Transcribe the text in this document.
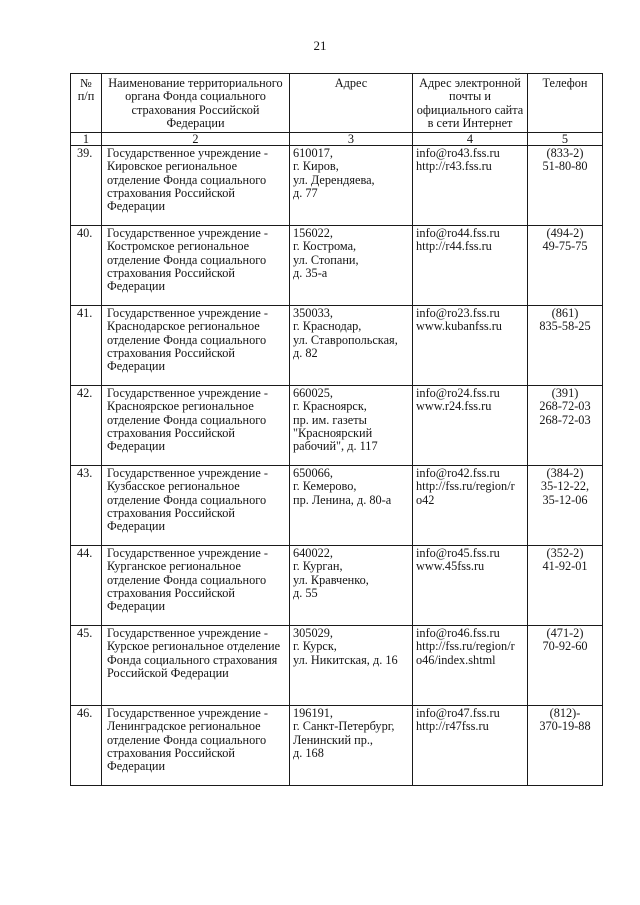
21
№ п/п	Наименование территориального органа Фонда социального страхования Российской Федерации	Адрес	Адрес электронной почты и официального сайта в сети Интернет	Телефон
1	2	3	4	5
39.	Государственное учреждение - Кировское региональное отделение Фонда социального страхования Российской Федерации	610017,
г. Киров,
ул. Дерендяева,
д. 77	info@ro43.fss.ru
http://r43.fss.ru	(833-2)
51-80-80

40.	Государственное учреждение - Костромское региональное отделение Фонда социального страхования Российской Федерации	156022,
г. Кострома,
ул. Стопани,
д. 35-а	info@ro44.fss.ru
http://r44.fss.ru	(494-2)
49-75-75

41.	Государственное учреждение - Краснодарское региональное отделение Фонда социального страхования Российской Федерации	350033,
г. Краснодар,
ул. Ставропольская,
д. 82	info@ro23.fss.ru
www.kubanfss.ru	(861)
835-58-25

42.	Государственное учреждение - Красноярское региональное отделение Фонда социального страхования Российской Федерации	660025,
г. Красноярск,
пр. им. газеты
"Красноярский
рабочий", д. 117	info@ro24.fss.ru
www.r24.fss.ru	(391)
268-72-03
268-72-03

43.	Государственное учреждение - Кузбасское региональное отделение Фонда социального страхования Российской Федерации	650066,
г. Кемерово,
пр. Ленина, д. 80-а	info@ro42.fss.ru
http://fss.ru/region/r
o42	(384-2)
35-12-22,
35-12-06

44.	Государственное учреждение - Курганское региональное отделение Фонда социального страхования Российской Федерации	640022,
г. Курган,
ул. Кравченко,
д. 55	info@ro45.fss.ru
www.45fss.ru	(352-2)
41-92-01

45.	Государственное учреждение - Курское региональное отделение Фонда социального страхования Российской Федерации	305029,
г. Курск,
ул. Никитская, д. 16	info@ro46.fss.ru
http://fss.ru/region/r
o46/index.shtml	(471-2)
70-92-60

46.	Государственное учреждение - Ленинградское региональное отделение Фонда социального страхования Российской Федерации	196191,
г. Санкт-Петербург,
Ленинский пр.,
д. 168	info@ro47.fss.ru
http://r47fss.ru	(812)-
370-19-88
